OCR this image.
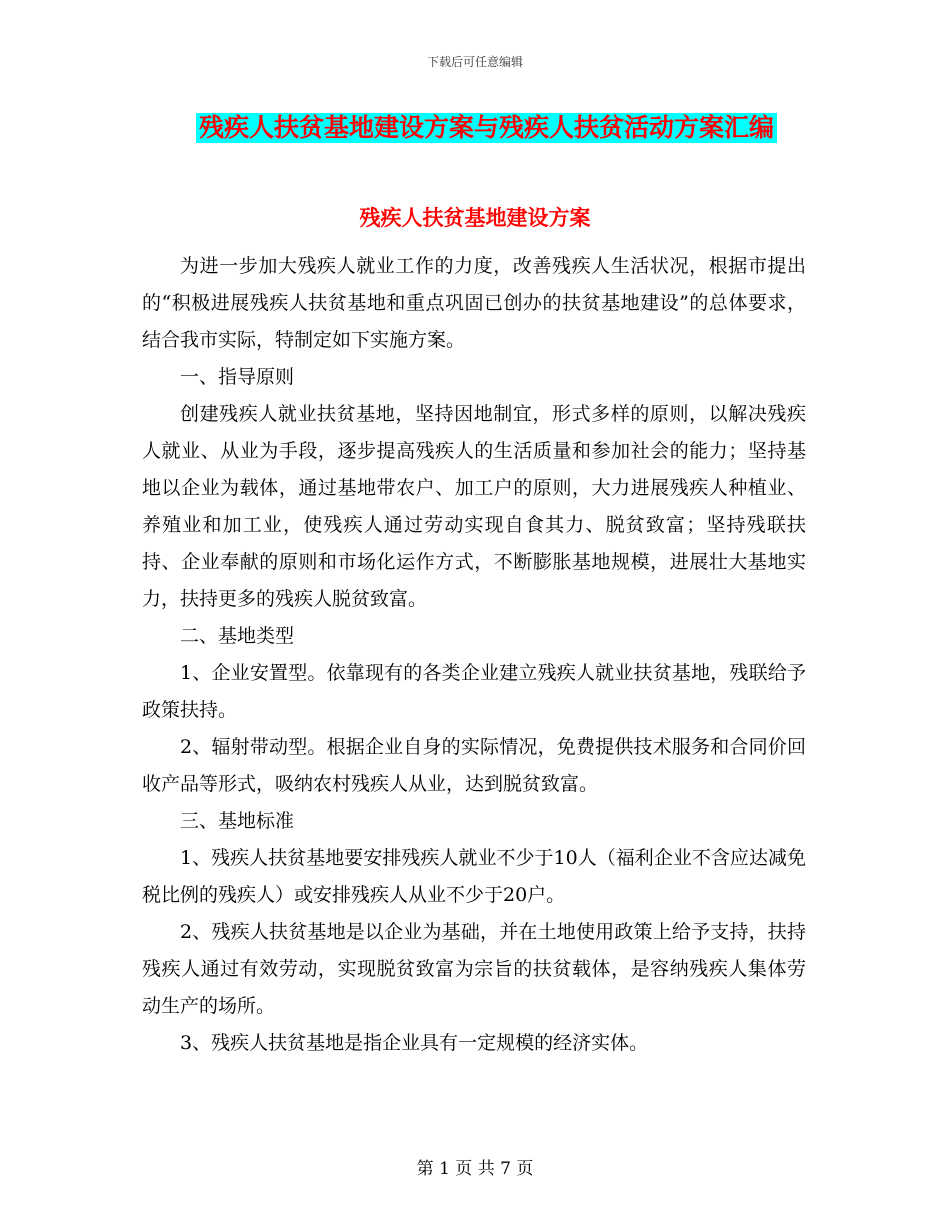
下载后可任意编辑
残疾人扶贫基地建设方案与残疾人扶贫活动方案汇编
残疾人扶贫基地建设方案

为进一步加大残疾人就业工作的力度，改善残疾人生活状况，根据市提出的“积极进展残疾人扶贫基地和重点巩固已创办的扶贫基地建设”的总体要求，结合我市实际，特制定如下实施方案。

一、指导原则

创建残疾人就业扶贫基地，坚持因地制宜，形式多样的原则，以解决残疾人就业、从业为手段，逐步提高残疾人的生活质量和参加社会的能力；坚持基地以企业为载体，通过基地带农户、加工户的原则，大力进展残疾人种植业、养殖业和加工业，使残疾人通过劳动实现自食其力、脱贫致富；坚持残联扶持、企业奉献的原则和市场化运作方式，不断膨胀基地规模，进展壮大基地实力，扶持更多的残疾人脱贫致富。

二、基地类型

1、企业安置型。依靠现有的各类企业建立残疾人就业扶贫基地，残联给予政策扶持。

2、辐射带动型。根据企业自身的实际情况，免费提供技术服务和合同价回收产品等形式，吸纳农村残疾人从业，达到脱贫致富。

三、基地标准

1、残疾人扶贫基地要安排残疾人就业不少于10人（福利企业不含应达减免税比例的残疾人）或安排残疾人从业不少于20户。

2、残疾人扶贫基地是以企业为基础，并在土地使用政策上给予支持，扶持残疾人通过有效劳动，实现脱贫致富为宗旨的扶贫载体，是容纳残疾人集体劳动生产的场所。

3、残疾人扶贫基地是指企业具有一定规模的经济实体。

第 1 页 共 7 页
